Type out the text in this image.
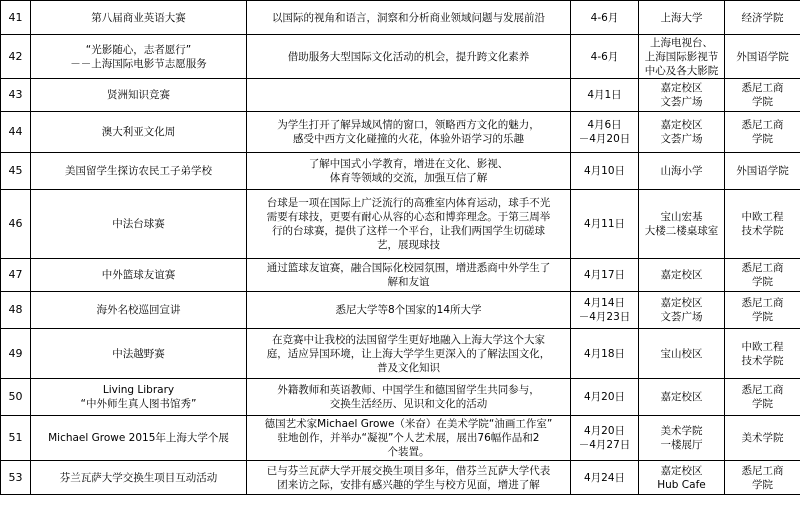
41	第八届商业英语大赛	以国际的视角和语言，洞察和分析商业领域问题与发展前沿	4-6月	上海大学	经济学院

42	“光影随心，志者愿行”
－－上海国际电影节志愿服务	借助服务大型国际文化活动的机会，提升跨文化素养	4-6月	上海电视台、
上海国际影视节
中心及各大影院	外国语学院

43	贤洲知识竞赛		4月1日	嘉定校区
文荟广场	悉尼工商
学院

44	澳大利亚文化周	为学生打开了解异域风情的窗口，领略西方文化的魅力，
感受中西方文化碰撞的火花，体验外语学习的乐趣	4月6日
－4月20日	嘉定校区
文荟广场	悉尼工商
学院

45	美国留学生探访农民工子弟学校	了解中国式小学教育，增进在文化、影视、
体育等领域的交流，加强互信了解	4月10日	山海小学	外国语学院

46	中法台球赛	台球是一项在国际上广泛流行的高雅室内体育运动，球手不光
需要有球技，更要有耐心从容的心态和博弈理念。于第三周举
行的台球赛，提供了这样一个平台，让我们两国学生切磋球
艺，展现球技	4月11日	宝山宏基
大楼二楼桌球室	中欧工程
技术学院

47	中外篮球友谊赛	通过篮球友谊赛，融合国际化校园氛围，增进悉商中外学生了
解和友谊	4月17日	嘉定校区	悉尼工商
学院

48	海外名校巡回宣讲	悉尼大学等8个国家的14所大学	4月14日
－4月23日	嘉定校区
文荟广场	悉尼工商
学院

49	中法越野赛	在竞赛中让我校的法国留学生更好地融入上海大学这个大家
庭，适应异国环境，让上海大学学生更深入的了解法国文化，
普及文化知识	4月18日	宝山校区	中欧工程
技术学院

50	Living Library
“中外师生真人图书馆秀”	外籍教师和英语教师、中国学生和德国留学生共同参与，
交换生活经历、见识和文化的活动	4月20日	嘉定校区	悉尼工商
学院

51	Michael Growe 2015年上海大学个展	德国艺术家Michael Growe（米奋）在美术学院“油画工作室”
驻地创作，并举办“凝视”个人艺术展，展出76幅作品和2
个装置。	4月20日
－4月27日	美术学院
一楼展厅	美术学院

53	芬兰瓦萨大学交换生项目互动活动	已与芬兰瓦萨大学开展交换生项目多年，借芬兰瓦萨大学代表
团来访之际，安排有感兴趣的学生与校方见面，增进了解	4月24日	嘉定校区
Hub Cafe	悉尼工商
学院
